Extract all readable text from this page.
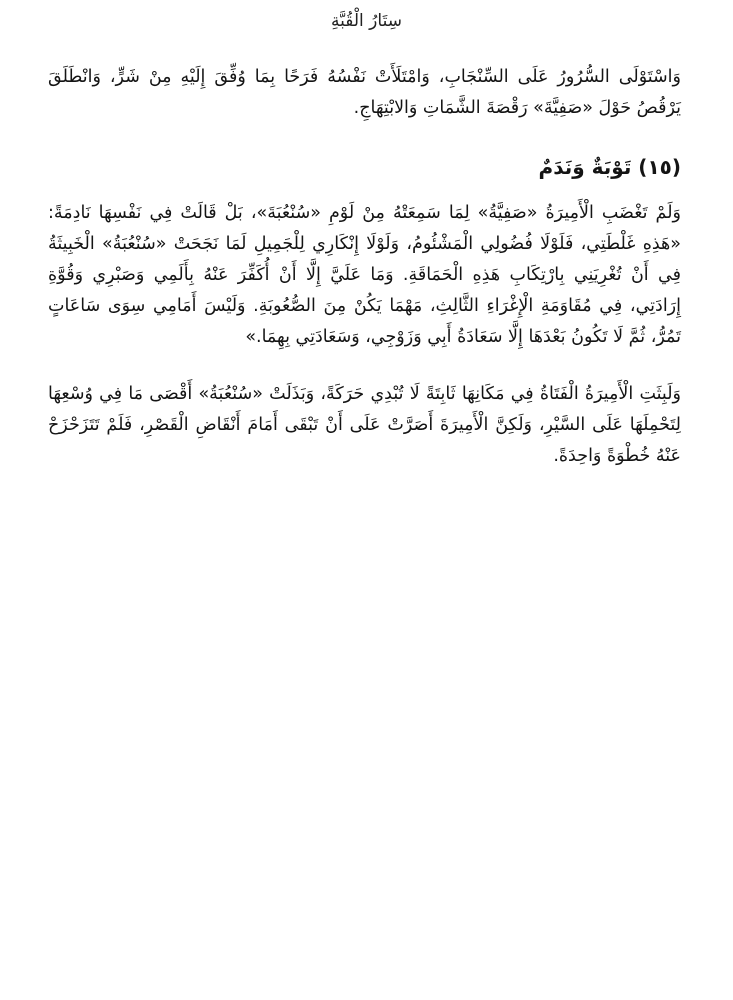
سِتَارُ الْقُبَّةِ

وَاسْتَوْلَى السُّرُورُ عَلَى السِّنْجَابِ، وَامْتَلَأَتْ نَفْسُهُ فَرَحًا بِمَا وُفِّقَ إِلَيْهِ مِنْ شَرٍّ، وَانْطَلَقَ يَرْقُصُ حَوْلَ «صَفِيَّةَ» رَقْصَةَ الشَّمَاتِ وَالابْتِهَاجِ.

(١٥) تَوْبَةٌ وَنَدَمٌ

وَلَمْ تَغْضَبِ الْأَمِيرَةُ «صَفِيَّةُ» لِمَا سَمِعَتْهُ مِنْ لَوْمِ «سُنْعُبَةَ»، بَلْ قَالَتْ فِي نَفْسِهَا نَادِمَةً: «هَذِهِ غَلْطَتِي، فَلَوْلَا فُضُولِي الْمَشْئُومُ، وَلَوْلَا إِنْكَارِي لِلْجَمِيلِ لَمَا نَجَحَتْ «سُنْعُبَةُ» الْخَبِيثَةُ فِي أَنْ تُغْرِيَنِي بِارْتِكَابِ هَذِهِ الْحَمَاقَةِ. وَمَا عَلَيَّ إِلَّا أَنْ أُكَفِّرَ عَنْهُ بِأَلَمِي وَصَبْرِي وَقُوَّةِ إِرَادَتِي، فِي مُقَاوَمَةِ الْإِغْرَاءِ الثَّالِثِ، مَهْمَا يَكُنْ مِنَ الصُّعُوبَةِ. وَلَيْسَ أَمَامِي سِوَى سَاعَاتٍ تَمُرُّ، ثُمَّ لَا تَكُونُ بَعْدَهَا إِلَّا سَعَادَةُ أَبِي وَزَوْجِي، وَسَعَادَتِي بِهِمَا.»

وَلَبِثَتِ الْأَمِيرَةُ الْفَتَاةُ فِي مَكَانِهَا ثَابِتَةً لَا تُبْدِي حَرَكَةً، وَبَذَلَتْ «سُنْعُبَةُ» أَقْصَى مَا فِي وُسْعِهَا لِتَحْمِلَهَا عَلَى السَّيْرِ، وَلَكِنَّ الْأَمِيرَةَ أَصَرَّتْ عَلَى أَنْ تَبْقَى أَمَامَ أَنْقَاضِ الْقَصْرِ، فَلَمْ تَتَزَحْزَحْ عَنْهُ خُطْوَةً وَاحِدَةً.
